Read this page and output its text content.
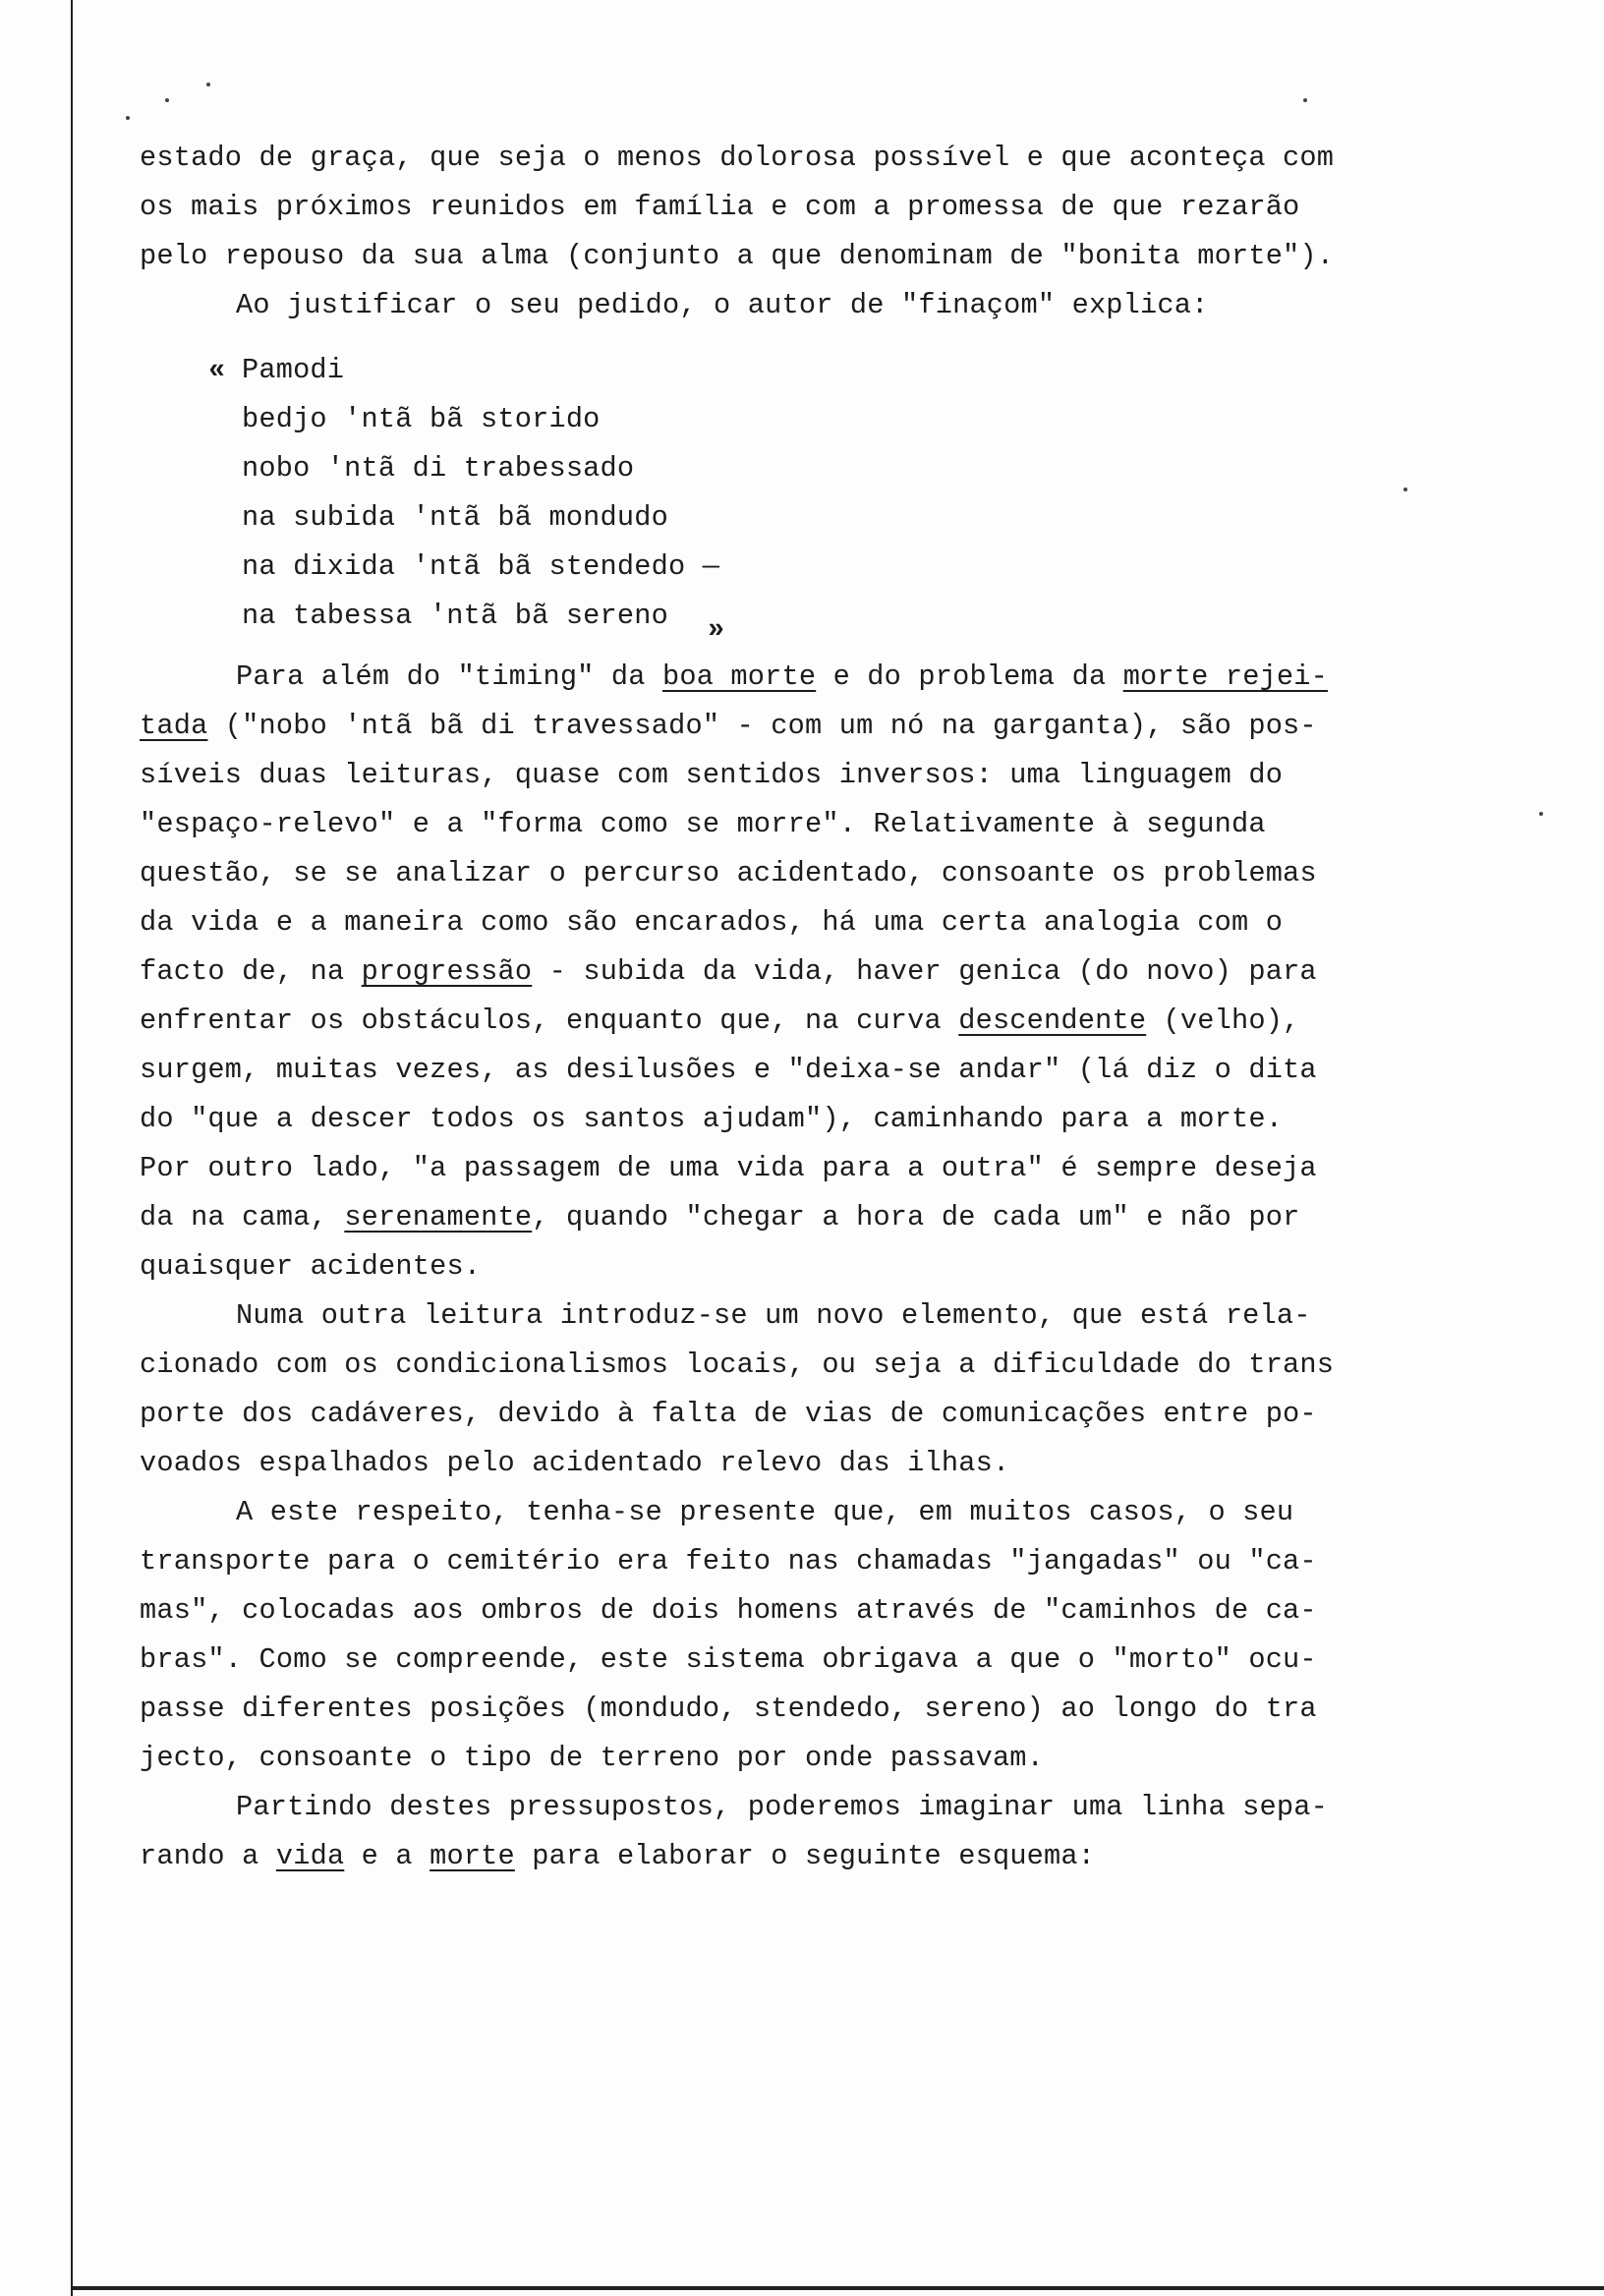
estado de graça, que seja o menos dolorosa possível e que aconteça com
os mais próximos reunidos em família e com a promessa de que rezarão
pelo repouso da sua alma (conjunto a que denominam de "bonita morte").
Ao justificar o seu pedido, o autor de "finaçom" explica:
« Pamodi
bedjo 'ntã bã storido
nobo 'ntã di trabessado
na subida 'ntã bã mondudo
na dixida 'ntã bã stendedo —
na tabessa 'ntã bã sereno »
Para além do "timing" da boa morte e do problema da morte rejei-
tada ("nobo 'ntã bã di travessado" - com um nó na garganta), são pos-
síveis duas leituras, quase com sentidos inversos: uma linguagem do
"espaço-relevo" e a "forma como se morre". Relativamente à segunda
questão, se se analizar o percurso acidentado, consoante os problemas
da vida e a maneira como são encarados, há uma certa analogia com o
facto de, na progressão - subida da vida, haver genica (do novo) para
enfrentar os obstáculos, enquanto que, na curva descendente (velho),
surgem, muitas vezes, as desilusões e "deixa-se andar" (lá diz o dita
do "que a descer todos os santos ajudam"), caminhando para a morte.
Por outro lado, "a passagem de uma vida para a outra" é sempre deseja
da na cama, serenamente, quando "chegar a hora de cada um" e não por
quaisquer acidentes.
Numa outra leitura introduz-se um novo elemento, que está rela-
cionado com os condicionalismos locais, ou seja a dificuldade do trans
porte dos cadáveres, devido à falta de vias de comunicações entre po-
voados espalhados pelo acidentado relevo das ilhas.
A este respeito, tenha-se presente que, em muitos casos, o seu
transporte para o cemitério era feito nas chamadas "jangadas" ou "ca-
mas", colocadas aos ombros de dois homens através de "caminhos de ca-
bras". Como se compreende, este sistema obrigava a que o "morto" ocu-
passe diferentes posições (mondudo, stendedo, sereno) ao longo do tra
jecto, consoante o tipo de terreno por onde passavam.
Partindo destes pressupostos, poderemos imaginar uma linha sepa-
rando a vida e a morte para elaborar o seguinte esquema:
